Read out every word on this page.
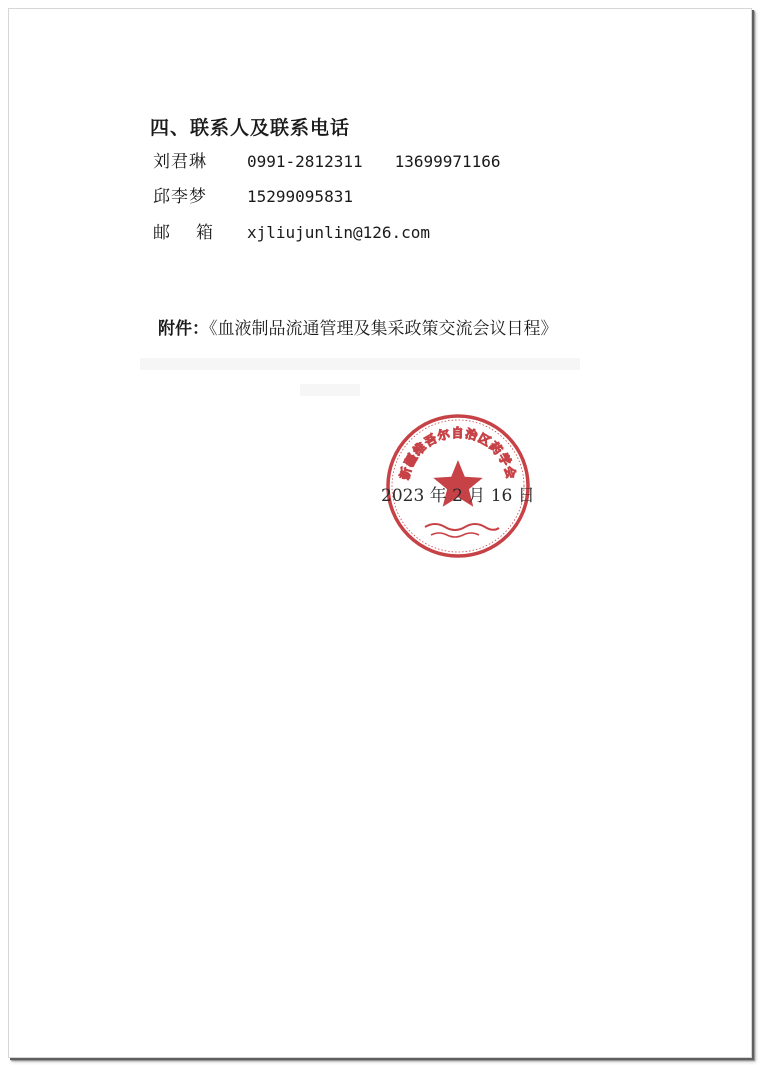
四、联系人及联系电话
刘君琳	0991-2812311 13699971166
邱李梦	15299095831
邮 箱 xjliujunlin@126.com
附件：《血液制品流通管理及集采政策交流会议日程》
新疆维吾尔自治区药学会
2023 年 2 月 16 日
